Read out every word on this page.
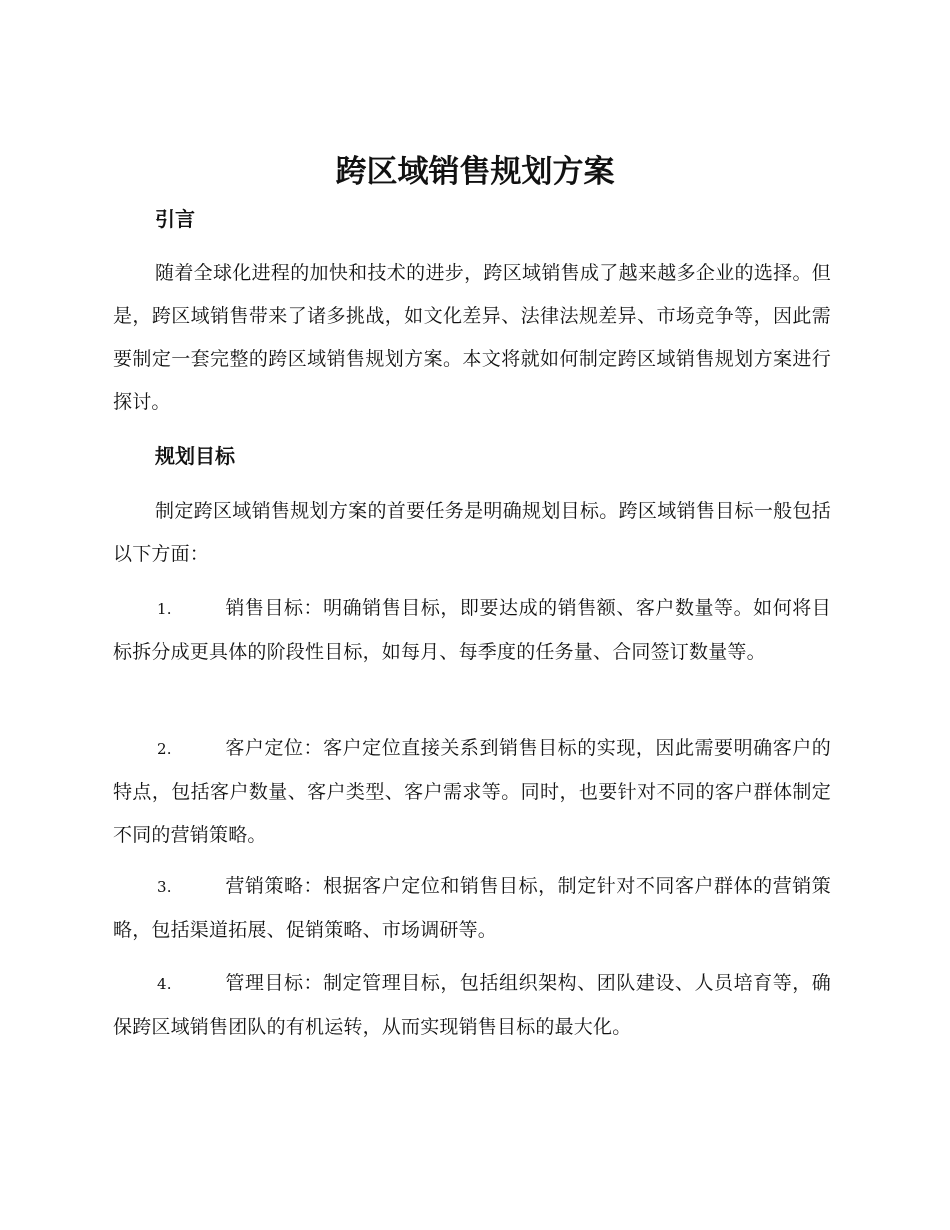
跨区域销售规划方案
引言

随着全球化进程的加快和技术的进步，跨区域销售成了越来越多企业的选择。但是，跨区域销售带来了诸多挑战，如文化差异、法律法规差异、市场竞争等，因此需要制定一套完整的跨区域销售规划方案。本文将就如何制定跨区域销售规划方案进行探讨。

规划目标

制定跨区域销售规划方案的首要任务是明确规划目标。跨区域销售目标一般包括以下方面：

1.	销售目标：明确销售目标，即要达成的销售额、客户数量等。如何将目标拆分成更具体的阶段性目标，如每月、每季度的任务量、合同签订数量等。

2.	客户定位：客户定位直接关系到销售目标的实现，因此需要明确客户的特点，包括客户数量、客户类型、客户需求等。同时，也要针对不同的客户群体制定不同的营销策略。

3.	营销策略：根据客户定位和销售目标，制定针对不同客户群体的营销策略，包括渠道拓展、促销策略、市场调研等。

4.	管理目标：制定管理目标，包括组织架构、团队建设、人员培育等，确保跨区域销售团队的有机运转，从而实现销售目标的最大化。
